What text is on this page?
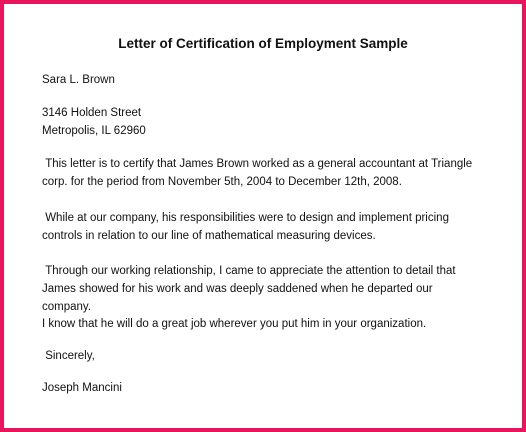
Letter of Certification of Employment Sample
Sara L. Brown
3146 Holden Street
Metropolis, IL 62960
This letter is to certify that James Brown worked as a general accountant at Triangle corp. for the period from November 5th, 2004 to December 12th, 2008.
While at our company, his responsibilities were to design and implement pricing controls in relation to our line of mathematical measuring devices.
Through our working relationship, I came to appreciate the attention to detail that James showed for his work and was deeply saddened when he departed our company.
I know that he will do a great job wherever you put him in your organization.
Sincerely,
Joseph Mancini
